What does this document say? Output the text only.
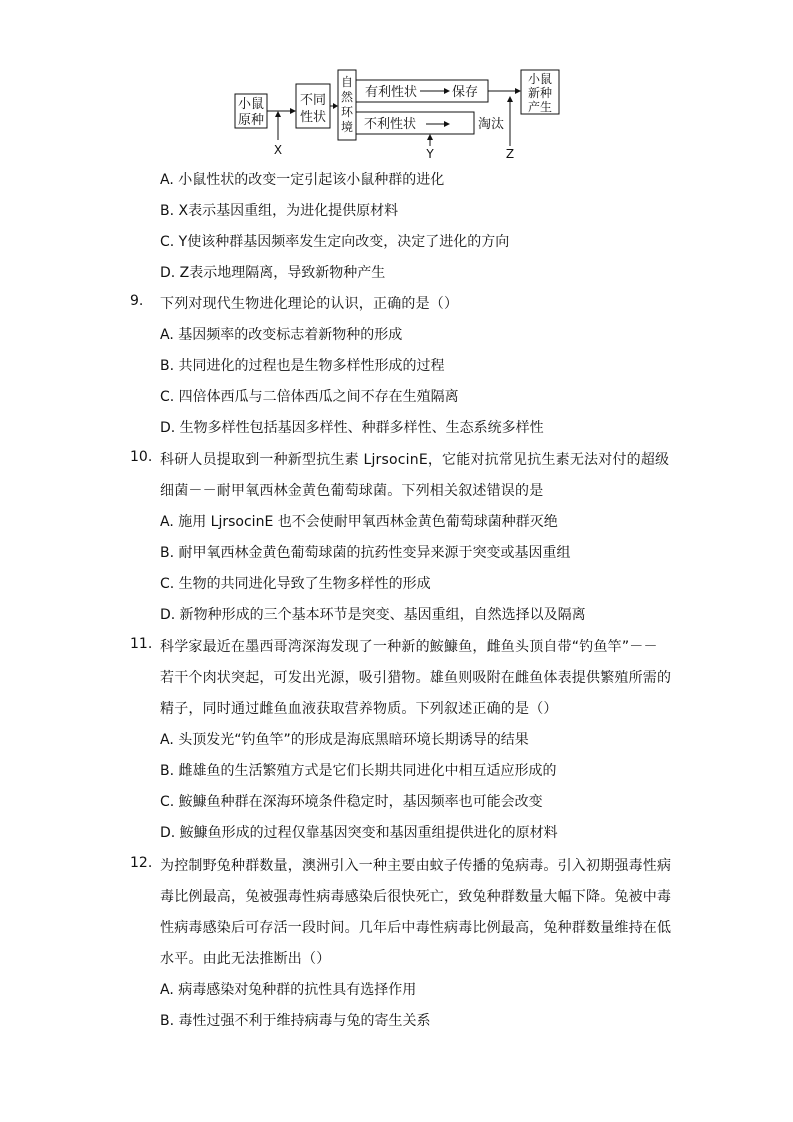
小鼠
原种
不同
性状
X
自
然
环
境
有利性状	保存
小鼠
新种
产生
不利性状	淘汰
Y	Z
A. 小鼠性状的改变一定引起该小鼠种群的进化
B. X表示基因重组，为进化提供原材料
C. Y使该种群基因频率发生定向改变，决定了进化的方向
D. Z表示地理隔离，导致新物种产生
9. 下列对现代生物进化理论的认识，正确的是（）
A. 基因频率的改变标志着新物种的形成
B. 共同进化的过程也是生物多样性形成的过程
C. 四倍体西瓜与二倍体西瓜之间不存在生殖隔离
D. 生物多样性包括基因多样性、种群多样性、生态系统多样性
10. 科研人员提取到一种新型抗生素 LjrsocinE，它能对抗常见抗生素无法对付的超级
细菌－－耐甲氧西林金黄色葡萄球菌。下列相关叙述错误的是
A. 施用 LjrsocinE 也不会使耐甲氧西林金黄色葡萄球菌种群灭绝
B. 耐甲氧西林金黄色葡萄球菌的抗药性变异来源于突变或基因重组
C. 生物的共同进化导致了生物多样性的形成
D. 新物种形成的三个基本环节是突变、基因重组，自然选择以及隔离
11. 科学家最近在墨西哥湾深海发现了一种新的鮟鱇鱼，雌鱼头顶自带“钓鱼竿”－－
若干个肉状突起，可发出光源，吸引猎物。雄鱼则吸附在雌鱼体表提供繁殖所需的
精子，同时通过雌鱼血液获取营养物质。下列叙述正确的是（）
A. 头顶发光“钓鱼竿”的形成是海底黑暗环境长期诱导的结果
B. 雌雄鱼的生活繁殖方式是它们长期共同进化中相互适应形成的
C. 鮟鱇鱼种群在深海环境条件稳定时，基因频率也可能会改变
D. 鮟鱇鱼形成的过程仅靠基因突变和基因重组提供进化的原材料
12. 为控制野兔种群数量，澳洲引入一种主要由蚊子传播的兔病毒。引入初期强毒性病
毒比例最高，兔被强毒性病毒感染后很快死亡，致兔种群数量大幅下降。兔被中毒
性病毒感染后可存活一段时间。几年后中毒性病毒比例最高，兔种群数量维持在低
水平。由此无法推断出（）
A. 病毒感染对兔种群的抗性具有选择作用
B. 毒性过强不利于维持病毒与兔的寄生关系
